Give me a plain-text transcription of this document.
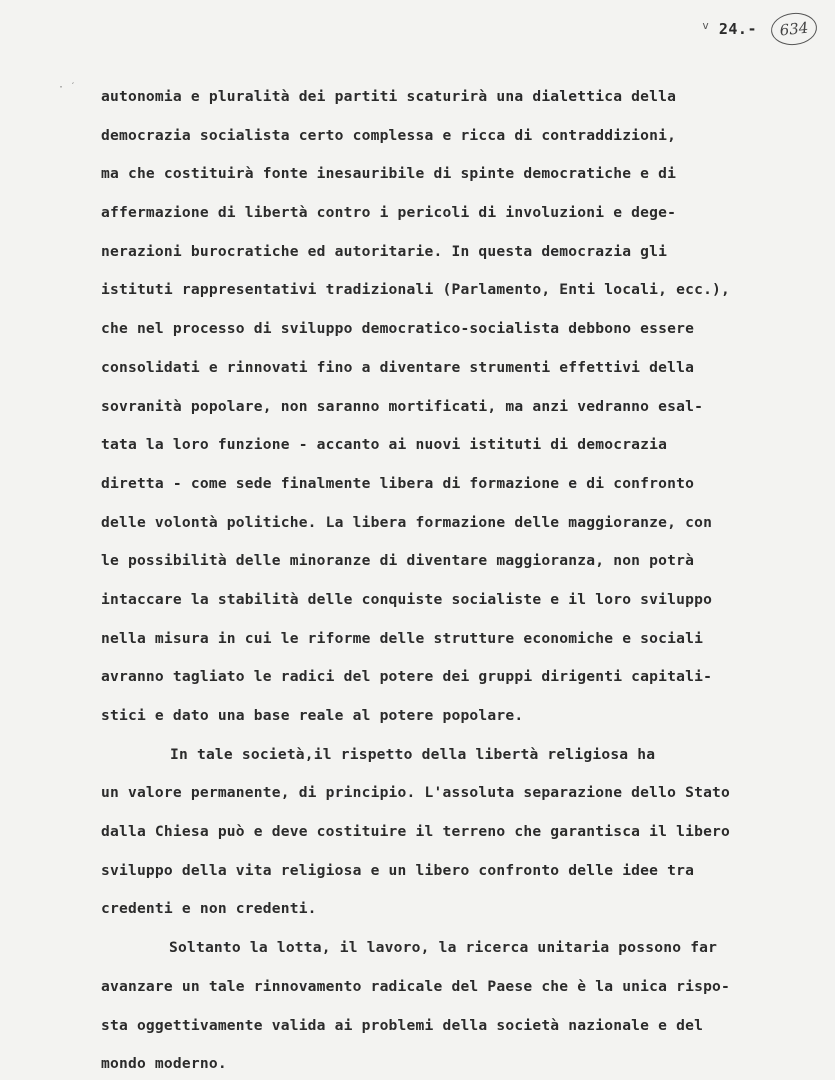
v 24.-	634
· ˊ
autonomia e pluralità dei partiti scaturirà una dialettica della
democrazia socialista certo complessa e ricca di contraddizioni,
ma che costituirà fonte inesauribile di spinte democratiche e di
affermazione di libertà contro i pericoli di involuzioni e dege-
nerazioni burocratiche ed autoritarie. In questa democrazia gli
istituti rappresentativi tradizionali (Parlamento, Enti locali, ecc.),
che nel processo di sviluppo democratico-socialista debbono essere
consolidati e rinnovati fino a diventare strumenti effettivi della
sovranità popolare, non saranno mortificati, ma anzi vedranno esal-
tata la loro funzione - accanto ai nuovi istituti di democrazia
diretta - come sede finalmente libera di formazione e di confronto
delle volontà politiche. La libera formazione delle maggioranze, con
le possibilità delle minoranze di diventare maggioranza, non potrà
intaccare la stabilità delle conquiste socialiste e il loro sviluppo
nella misura in cui le riforme delle strutture economiche e sociali
avranno tagliato le radici del potere dei gruppi dirigenti capitali-
stici e dato una base reale al potere popolare.
In tale società,il rispetto della libertà religiosa ha
un valore permanente, di principio. L'assoluta separazione dello Stato
dalla Chiesa può e deve costituire il terreno che garantisca il libero
sviluppo della vita religiosa e un libero confronto delle idee tra
credenti e non credenti.
Soltanto la lotta, il lavoro, la ricerca unitaria possono far
avanzare un tale rinnovamento radicale del Paese che è la unica rispo-
sta oggettivamente valida ai problemi della società nazionale e del
mondo moderno.
